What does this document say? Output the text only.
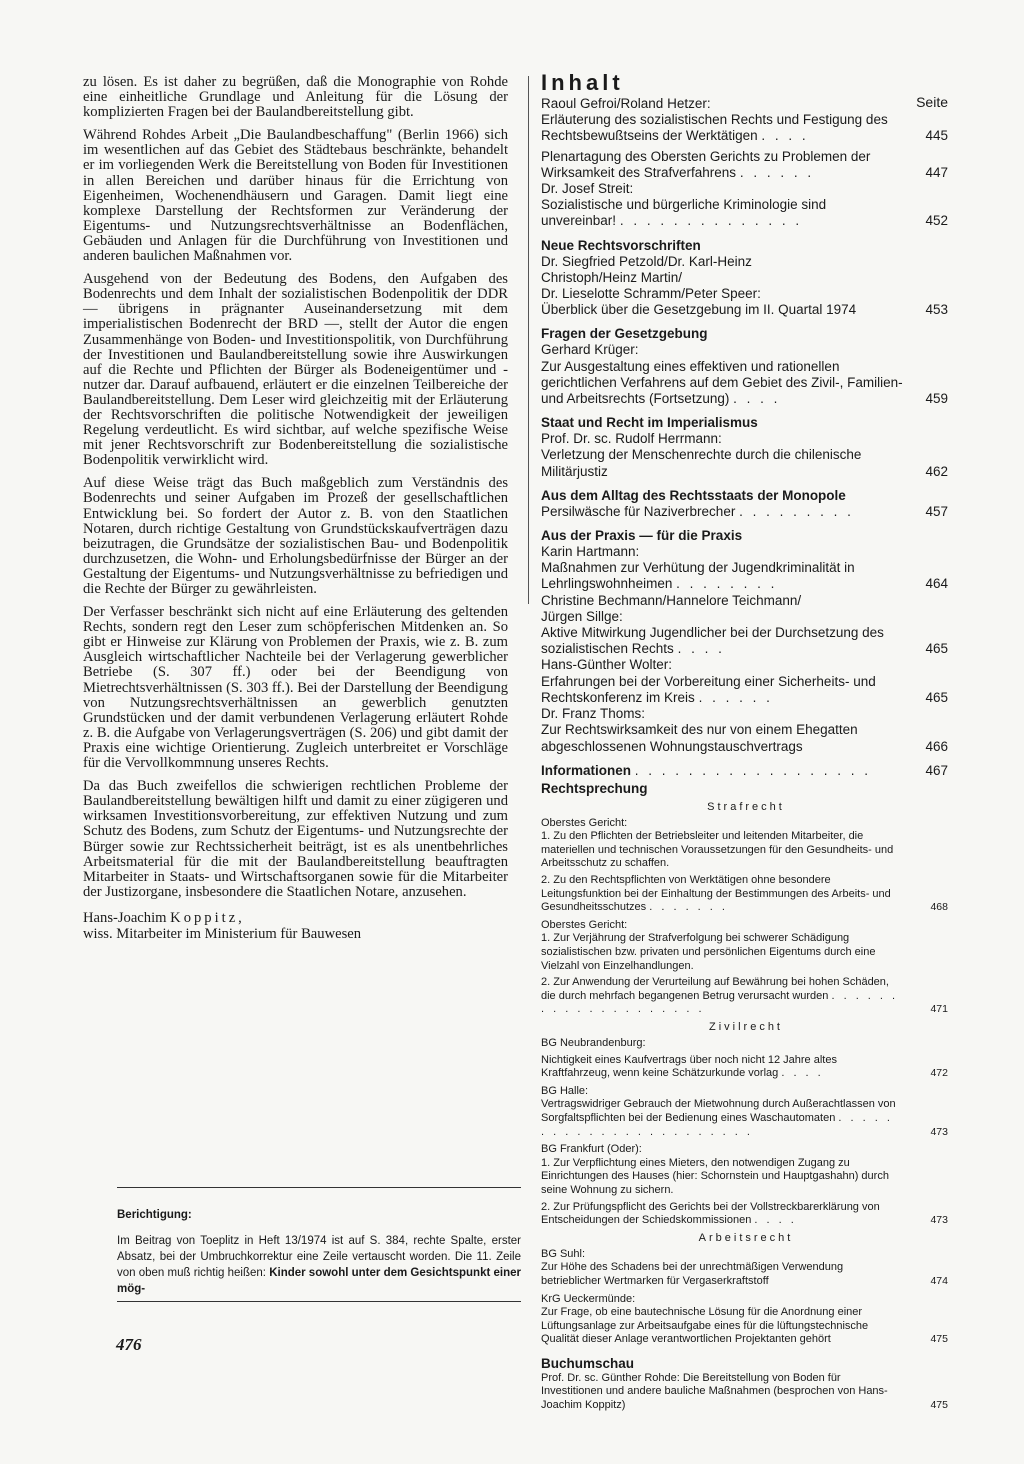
zu lösen. Es ist daher zu begrüßen, daß die Monographie von Rohde eine einheitliche Grundlage und Anleitung für die Lösung der komplizierten Fragen bei der Baulandbereitstellung gibt.

Während Rohdes Arbeit „Die Baulandbeschaffung" (Berlin 1966) sich im wesentlichen auf das Gebiet des Städtebaus beschränkte, behandelt er im vorliegenden Werk die Bereitstellung von Boden für Investitionen in allen Bereichen und darüber hinaus für die Errichtung von Eigenheimen, Wochenendhäusern und Garagen. Damit liegt eine komplexe Darstellung der Rechtsformen zur Veränderung der Eigentums- und Nutzungsrechtsverhältnisse an Bodenflächen, Gebäuden und Anlagen für die Durchführung von Investitionen und anderen baulichen Maßnahmen vor.

Ausgehend von der Bedeutung des Bodens, den Aufgaben des Bodenrechts und dem Inhalt der sozialistischen Bodenpolitik der DDR — übrigens in prägnanter Auseinandersetzung mit dem imperialistischen Bodenrecht der BRD —, stellt der Autor die engen Zusammenhänge von Boden- und Investitionspolitik, von Durchführung der Investitionen und Baulandbereitstellung sowie ihre Auswirkungen auf die Rechte und Pflichten der Bürger als Bodeneigentümer und -nutzer dar. Darauf aufbauend, erläutert er die einzelnen Teilbereiche der Baulandbereitstellung. Dem Leser wird gleichzeitig mit der Erläuterung der Rechtsvorschriften die politische Notwendigkeit der jeweiligen Regelung verdeutlicht. Es wird sichtbar, auf welche spezifische Weise mit jener Rechtsvorschrift zur Bodenbereitstellung die sozialistische Bodenpolitik verwirklicht wird.

Auf diese Weise trägt das Buch maßgeblich zum Verständnis des Bodenrechts und seiner Aufgaben im Prozeß der gesellschaftlichen Entwicklung bei. So fordert der Autor z. B. von den Staatlichen Notaren, durch richtige Gestaltung von Grundstückskaufverträgen dazu beizutragen, die Grundsätze der sozialistischen Bau- und Bodenpolitik durchzusetzen, die Wohn- und Erholungsbedürfnisse der Bürger an der Gestaltung der Eigentums- und Nutzungsverhältnisse zu befriedigen und die Rechte der Bürger zu gewährleisten.

Der Verfasser beschränkt sich nicht auf eine Erläuterung des geltenden Rechts, sondern regt den Leser zum schöpferischen Mitdenken an. So gibt er Hinweise zur Klärung von Problemen der Praxis, wie z. B. zum Ausgleich wirtschaftlicher Nachteile bei der Verlagerung gewerblicher Betriebe (S. 307 ff.) oder bei der Beendigung von Mietrechtsverhältnissen (S. 303 ff.). Bei der Darstellung der Beendigung von Nutzungsrechtsverhältnissen an gewerblich genutzten Grundstücken und der damit verbundenen Verlagerung erläutert Rohde z. B. die Aufgabe von Verlagerungsverträgen (S. 206) und gibt damit der Praxis eine wichtige Orientierung. Zugleich unterbreitet er Vorschläge für die Vervollkommnung unseres Rechts.

Da das Buch zweifellos die schwierigen rechtlichen Probleme der Baulandbereitstellung bewältigen hilft und damit zu einer zügigeren und wirksamen Investitionsvorbereitung, zur effektiven Nutzung und zum Schutz des Bodens, zum Schutz der Eigentums- und Nutzungsrechte der Bürger sowie zur Rechtssicherheit beiträgt, ist es als unentbehrliches Arbeitsmaterial für die mit der Baulandbereitstellung beauftragten Mitarbeiter in Staats- und Wirtschaftsorganen sowie für die Mitarbeiter der Justizorgane, insbesondere die Staatlichen Notare, anzusehen.

Hans-Joachim Koppitz,
wiss. Mitarbeiter im Ministerium für Bauwesen
Berichtigung:
Im Beitrag von Toeplitz in Heft 13/1974 ist auf S. 384, rechte Spalte, erster Absatz, bei der Umbruchkorrektur eine Zeile vertauscht worden. Die 11. Zeile von oben muß richtig heißen: Kinder sowohl unter dem Gesichtspunkt einer mög-
476
Inhalt
Seite
Raoul Gefroi/Roland Hetzer:
Erläuterung des sozialistischen Rechts und Festigung des Rechtsbewußtseins der Werktätigen . . . .	445
Plenartagung des Obersten Gerichts zu Problemen der Wirksamkeit des Strafverfahrens . . . . . .	447
Dr. Josef Streit:
Sozialistische und bürgerliche Kriminologie sind unvereinbar! . . . . . . . . . . . . . .	452
Neue Rechtsvorschriften
Dr. Siegfried Petzold/Dr. Karl-Heinz
Christoph/Heinz Martin/
Dr. Lieselotte Schramm/Peter Speer:
Überblick über die Gesetzgebung im II. Quartal 1974	453
Fragen der Gesetzgebung
Gerhard Krüger:
Zur Ausgestaltung eines effektiven und rationellen gerichtlichen Verfahrens auf dem Gebiet des Zivil-, Familien- und Arbeitsrechts (Fortsetzung) . . . .	459
Staat und Recht im Imperialismus
Prof. Dr. sc. Rudolf Herrmann:
Verletzung der Menschenrechte durch die chilenische Militärjustiz	462
Aus dem Alltag des Rechtsstaats der Monopole
Persilwäsche für Naziverbrecher . . . . . . . . .	457
Aus der Praxis — für die Praxis
Karin Hartmann:
Maßnahmen zur Verhütung der Jugendkriminalität in Lehrlingswohnheimen . . . . . . . .	464
Christine Bechmann/Hannelore Teichmann/
Jürgen Sillge:
Aktive Mitwirkung Jugendlicher bei der Durchsetzung des sozialistischen Rechts . . . .	465
Hans-Günther Wolter:
Erfahrungen bei der Vorbereitung einer Sicherheits- und Rechtskonferenz im Kreis . . . . . .	465
Dr. Franz Thoms:
Zur Rechtswirksamkeit des nur von einem Ehegatten abgeschlossenen Wohnungstauschvertrags	466
Informationen . . . . . . . . . . . . . . . . . .	467
Rechtsprechung
Strafrecht
Oberstes Gericht:
1. Zu den Pflichten der Betriebsleiter und leitenden Mitarbeiter, die materiellen und technischen Voraussetzungen für den Gesundheits- und Arbeitsschutz zu schaffen.
2. Zu den Rechtspflichten von Werktätigen ohne besondere Leitungsfunktion bei der Einhaltung der Bestimmungen des Arbeits- und Gesundheitsschutzes . . . . . . .	468
Oberstes Gericht:
1. Zur Verjährung der Strafverfolgung bei schwerer Schädigung sozialistischen bzw. privaten und persönlichen Eigentums durch eine Vielzahl von Einzelhandlungen.
2. Zur Anwendung der Verurteilung auf Bewährung bei hohen Schäden, die durch mehrfach begangenen Betrug verursacht wurden . . . . . . . . . . . . . . . . . . . .	471
Zivilrecht
BG Neubrandenburg:
Nichtigkeit eines Kaufvertrags über noch nicht 12 Jahre altes Kraftfahrzeug, wenn keine Schätzurkunde vorlag . . . .	472
BG Halle:
Vertragswidriger Gebrauch der Mietwohnung durch Außerachtlassen von Sorgfaltspflichten bei der Bedienung eines Waschautomaten . . . . . . . . . . . . . . . . . . . . . . .	473
BG Frankfurt (Oder):
1. Zur Verpflichtung eines Mieters, den notwendigen Zugang zu Einrichtungen des Hauses (hier: Schornstein und Hauptgashahn) durch seine Wohnung zu sichern.
2. Zur Prüfungspflicht des Gerichts bei der Vollstreckbarerklärung von Entscheidungen der Schiedskommissionen . . . .	473
Arbeitsrecht
BG Suhl:
Zur Höhe des Schadens bei der unrechtmäßigen Verwendung betrieblicher Wertmarken für Vergaserkraftstoff	474
KrG Ueckermünde:
Zur Frage, ob eine bautechnische Lösung für die Anordnung einer Lüftungsanlage zur Arbeitsaufgabe eines für die lüftungstechnische Qualität dieser Anlage verantwortlichen Projektanten gehört	475
Buchumschau
Prof. Dr. sc. Günther Rohde: Die Bereitstellung von Boden für Investitionen und andere bauliche Maßnahmen (besprochen von Hans-Joachim Koppitz)	475
